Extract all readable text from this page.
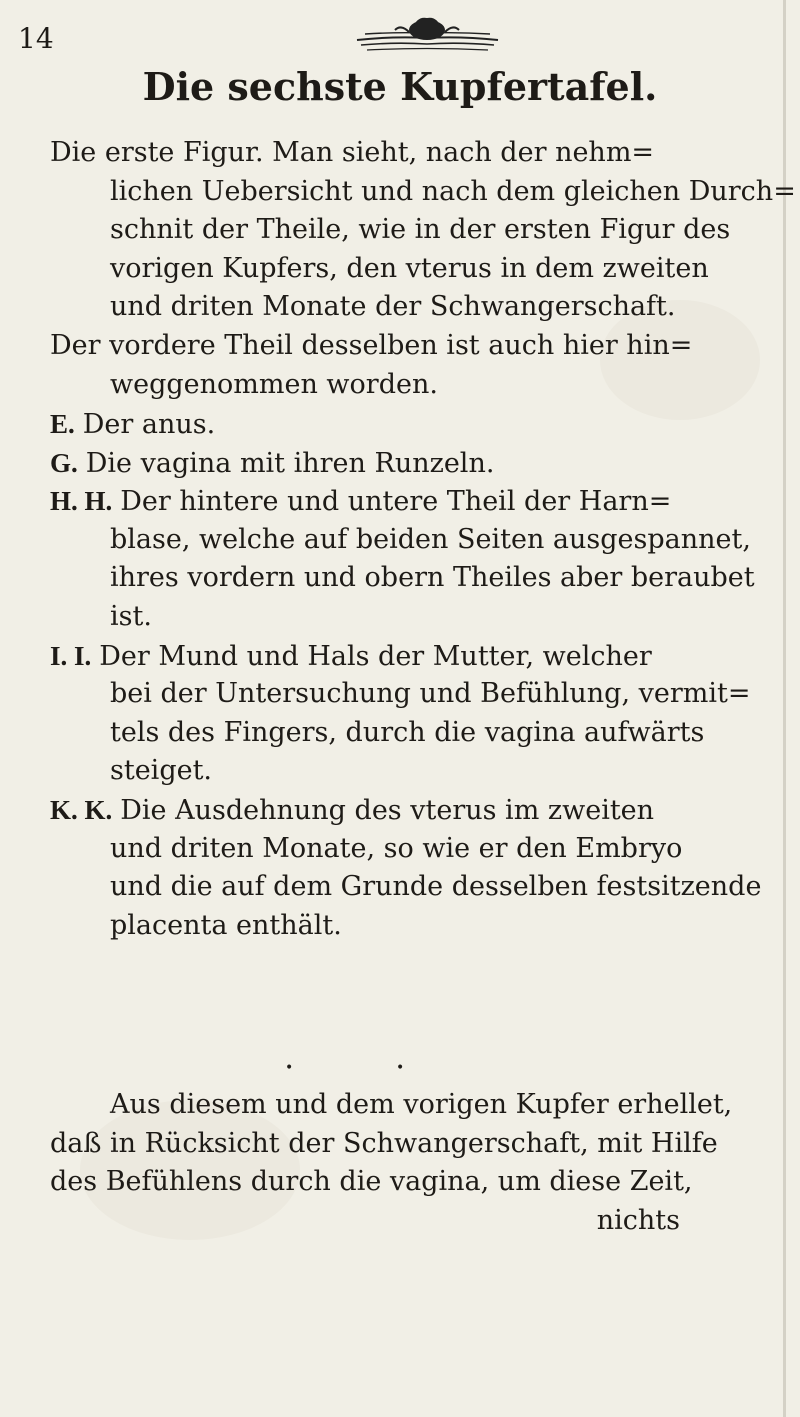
14
Die sechste Kupfertafel.
Die erste Figur. Man sieht, nach der nehm=
lichen Uebersicht und nach dem gleichen Durch=
schnit der Theile, wie in der ersten Figur des
vorigen Kupfers, den vterus in dem zweiten
und driten Monate der Schwangerschaft.
Der vordere Theil desselben ist auch hier hin=
weggenommen worden.
E. Der anus.
G. Die vagina mit ihren Runzeln.
H. H. Der hintere und untere Theil der Harn=
blase, welche auf beiden Seiten ausgespannet,
ihres vordern und obern Theiles aber beraubet
ist.
I. I. Der Mund und Hals der Mutter, welcher
bei der Untersuchung und Befühlung, vermit=
tels des Fingers, durch die vagina aufwärts
steiget.
K. K. Die Ausdehnung des vterus im zweiten
und driten Monate, so wie er den Embryo
und die auf dem Grunde desselben festsitzende
placenta enthält.
•	•
Aus diesem und dem vorigen Kupfer erhellet,
daß in Rücksicht der Schwangerschaft, mit Hilfe
des Befühlens durch die vagina, um diese Zeit,
nichts
